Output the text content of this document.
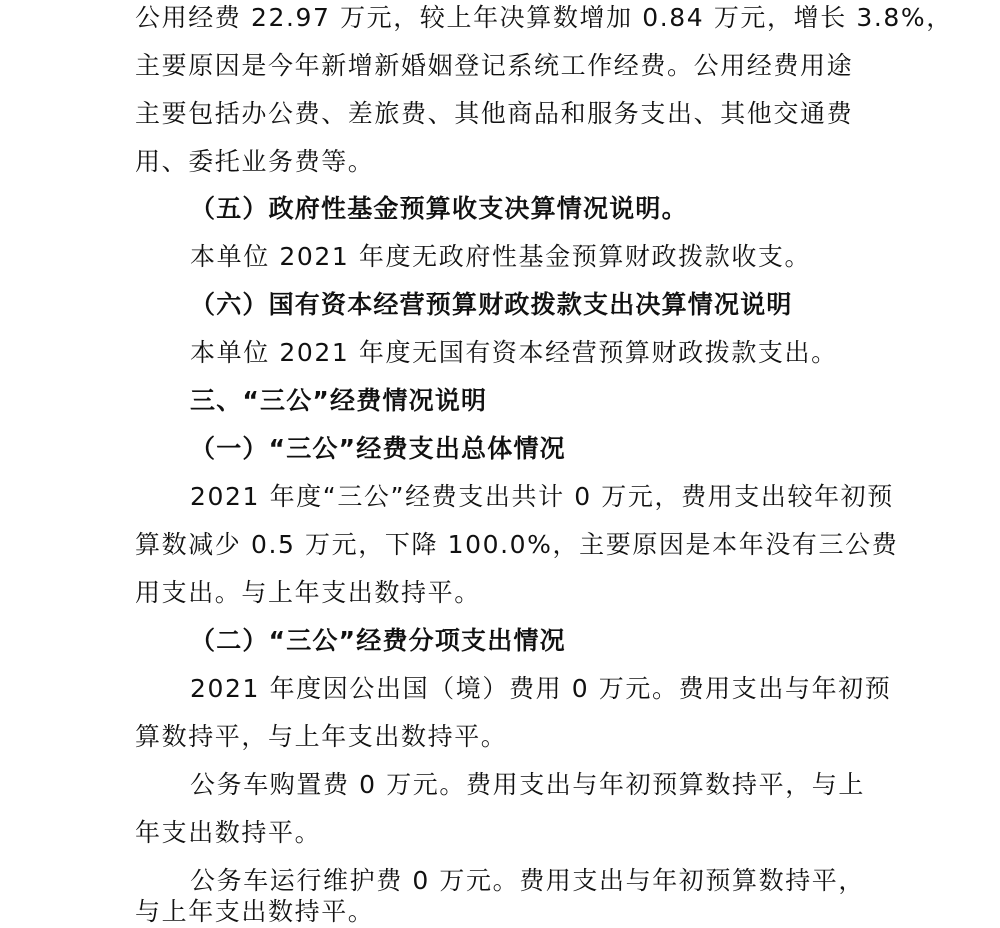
公用经费 22.97 万元，较上年决算数增加 0.84 万元，增长 3.8%，
主要原因是今年新增新婚姻登记系统工作经费。公用经费用途
主要包括办公费、差旅费、其他商品和服务支出、其他交通费
用、委托业务费等。
（五）政府性基金预算收支决算情况说明。
本单位 2021 年度无政府性基金预算财政拨款收支。
（六）国有资本经营预算财政拨款支出决算情况说明
本单位 2021 年度无国有资本经营预算财政拨款支出。
三、“三公”经费情况说明
（一）“三公”经费支出总体情况
2021 年度“三公”经费支出共计 0 万元，费用支出较年初预
算数减少 0.5 万元，下降 100.0%，主要原因是本年没有三公费
用支出。与上年支出数持平。
（二）“三公”经费分项支出情况
2021 年度因公出国（境）费用 0 万元。费用支出与年初预
算数持平，与上年支出数持平。
公务车购置费 0 万元。费用支出与年初预算数持平，与上
年支出数持平。
公务车运行维护费 0 万元。费用支出与年初预算数持平，
与上年支出数持平。
